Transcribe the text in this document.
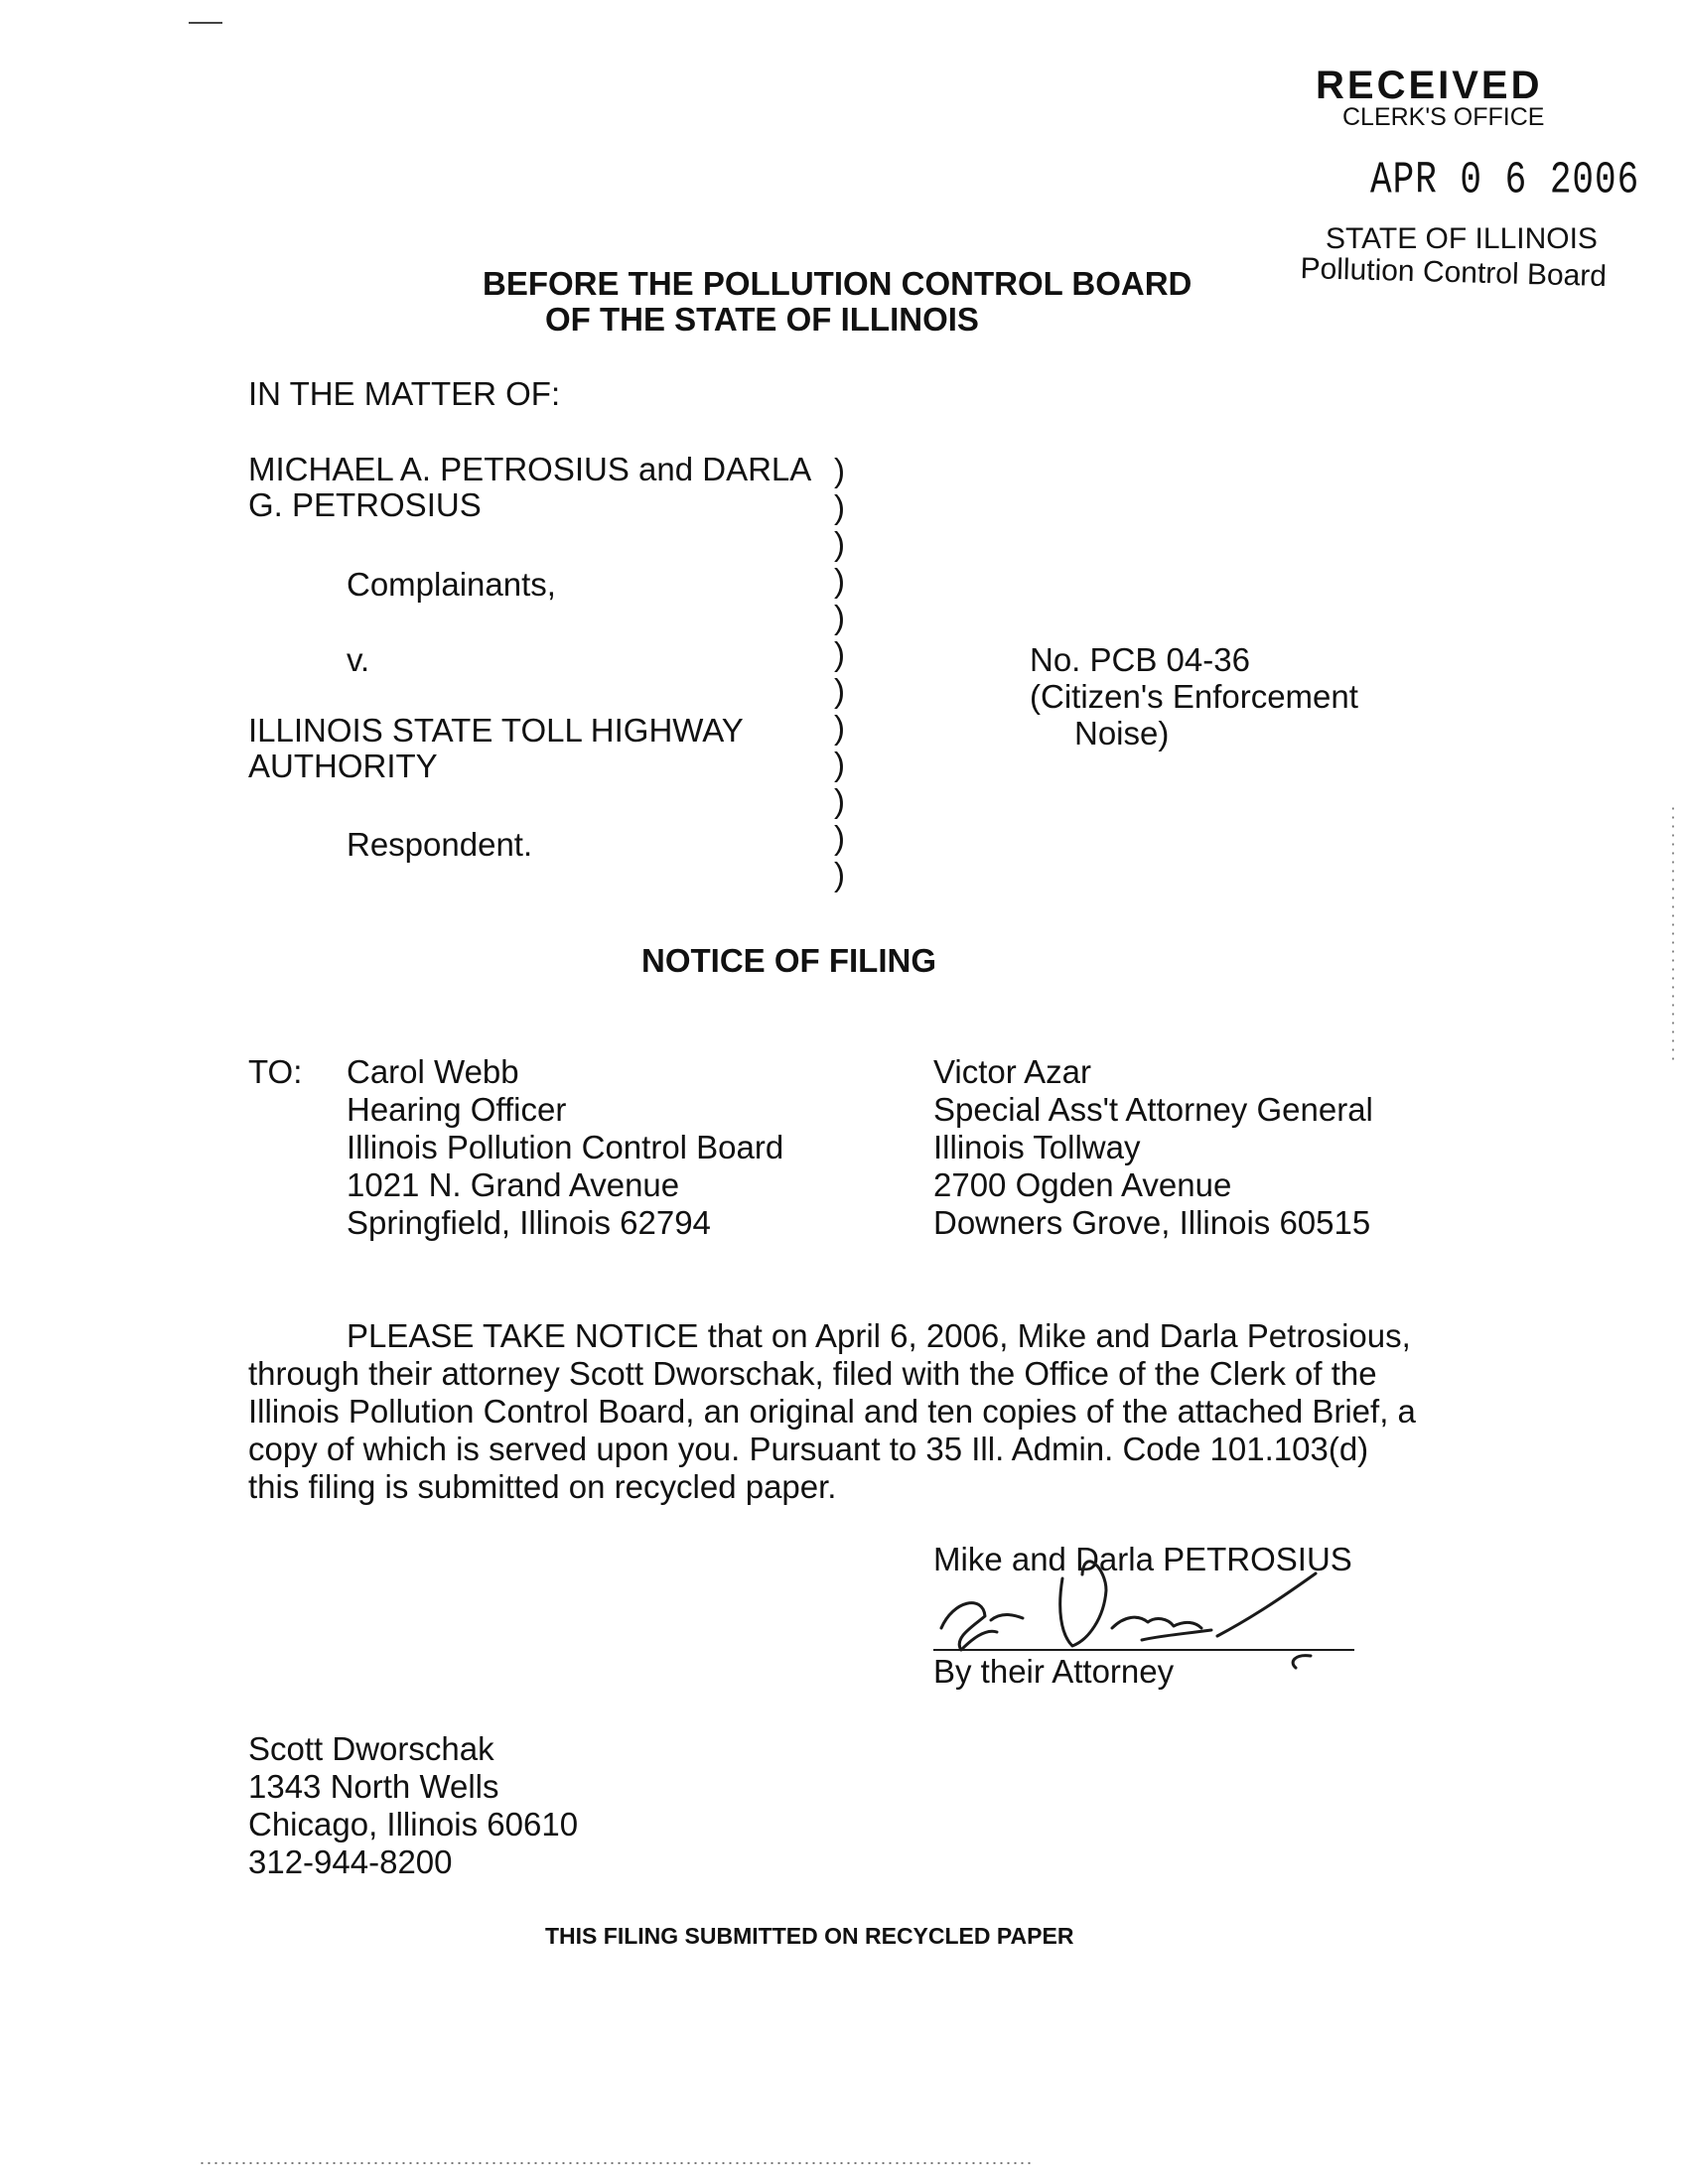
RECEIVED
CLERK'S OFFICE
APR 0 6 2006
STATE OF ILLINOIS
Pollution Control Board
BEFORE THE POLLUTION CONTROL BOARD
OF THE STATE OF ILLINOIS
IN THE MATTER OF:
MICHAEL A. PETROSIUS and DARLA
G. PETROSIUS
Complainants,
v.
ILLINOIS STATE TOLL HIGHWAY
AUTHORITY
Respondent.
)
)
)
)
)
)
)
)
)
)
)
)
No. PCB 04-36
(Citizen's Enforcement
Noise)
NOTICE OF FILING
TO: Carol Webb
Hearing Officer
Illinois Pollution Control Board
1021 N. Grand Avenue
Springfield, Illinois 62794
Victor Azar
Special Ass't Attorney General
Illinois Tollway
2700 Ogden Avenue
Downers Grove, Illinois 60515
PLEASE TAKE NOTICE that on April 6, 2006, Mike and Darla Petrosious,
through their attorney Scott Dworschak, filed with the Office of the Clerk of the
Illinois Pollution Control Board, an original and ten copies of the attached Brief, a
copy of which is served upon you. Pursuant to 35 Ill. Admin. Code 101.103(d)
this filing is submitted on recycled paper.
Mike and Darla PETROSIUS
By their Attorney
Scott Dworschak
1343 North Wells
Chicago, Illinois 60610
312-944-8200
THIS FILING SUBMITTED ON RECYCLED PAPER
